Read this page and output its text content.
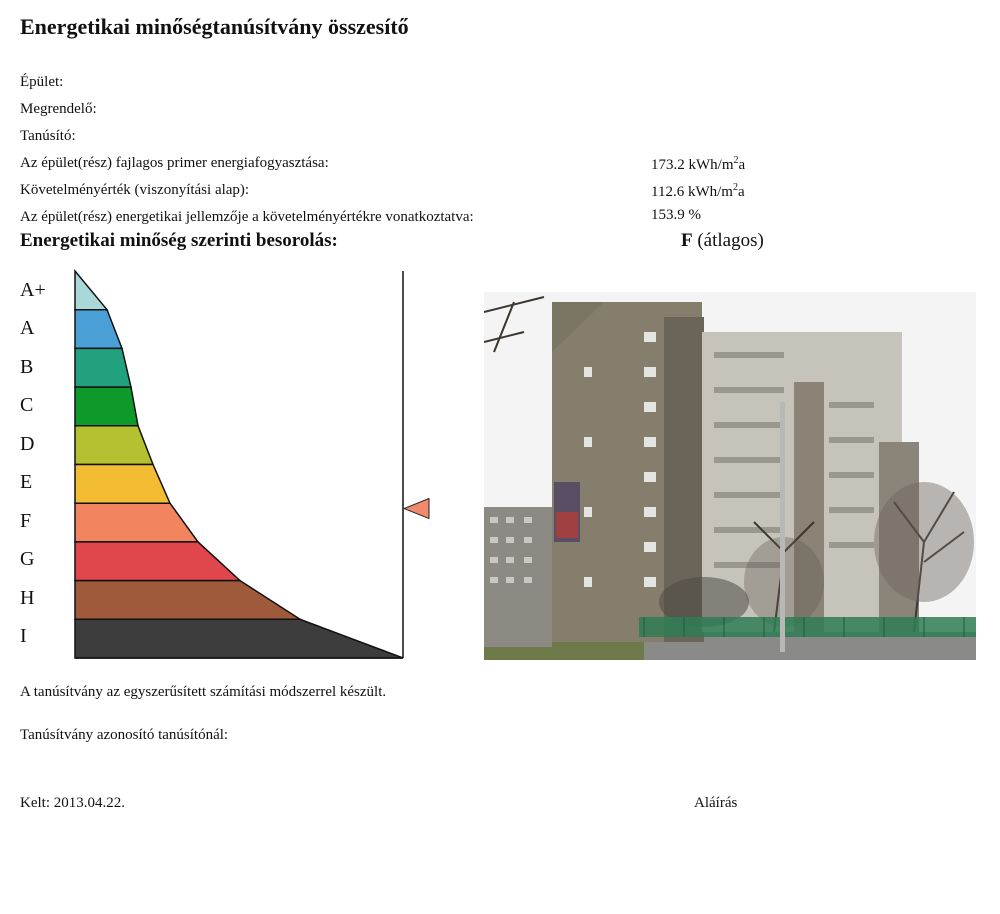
Energetikai minőségtanúsítvány összesítő
Épület:
Megrendelő:
Tanúsító:
Az épület(rész) fajlagos primer energiafogyasztása:	173.2 kWh/$m^2a$
Követelményérték (viszonyítási alap):	112.6 kWh/$m^2a$
Az épület(rész) energetikai jellemzője a követelményértékre vonatkoztatva:	153.9 %
Energetikai minőség szerinti besorolás:	F (átlagos)
A+
A
B
C
D
E
F
G
H
I
A tanúsítvány az egyszerűsített számítási módszerrel készült.
Tanúsítvány azonosító tanúsítónál:
Kelt: 2013.04.22.	Aláírás
